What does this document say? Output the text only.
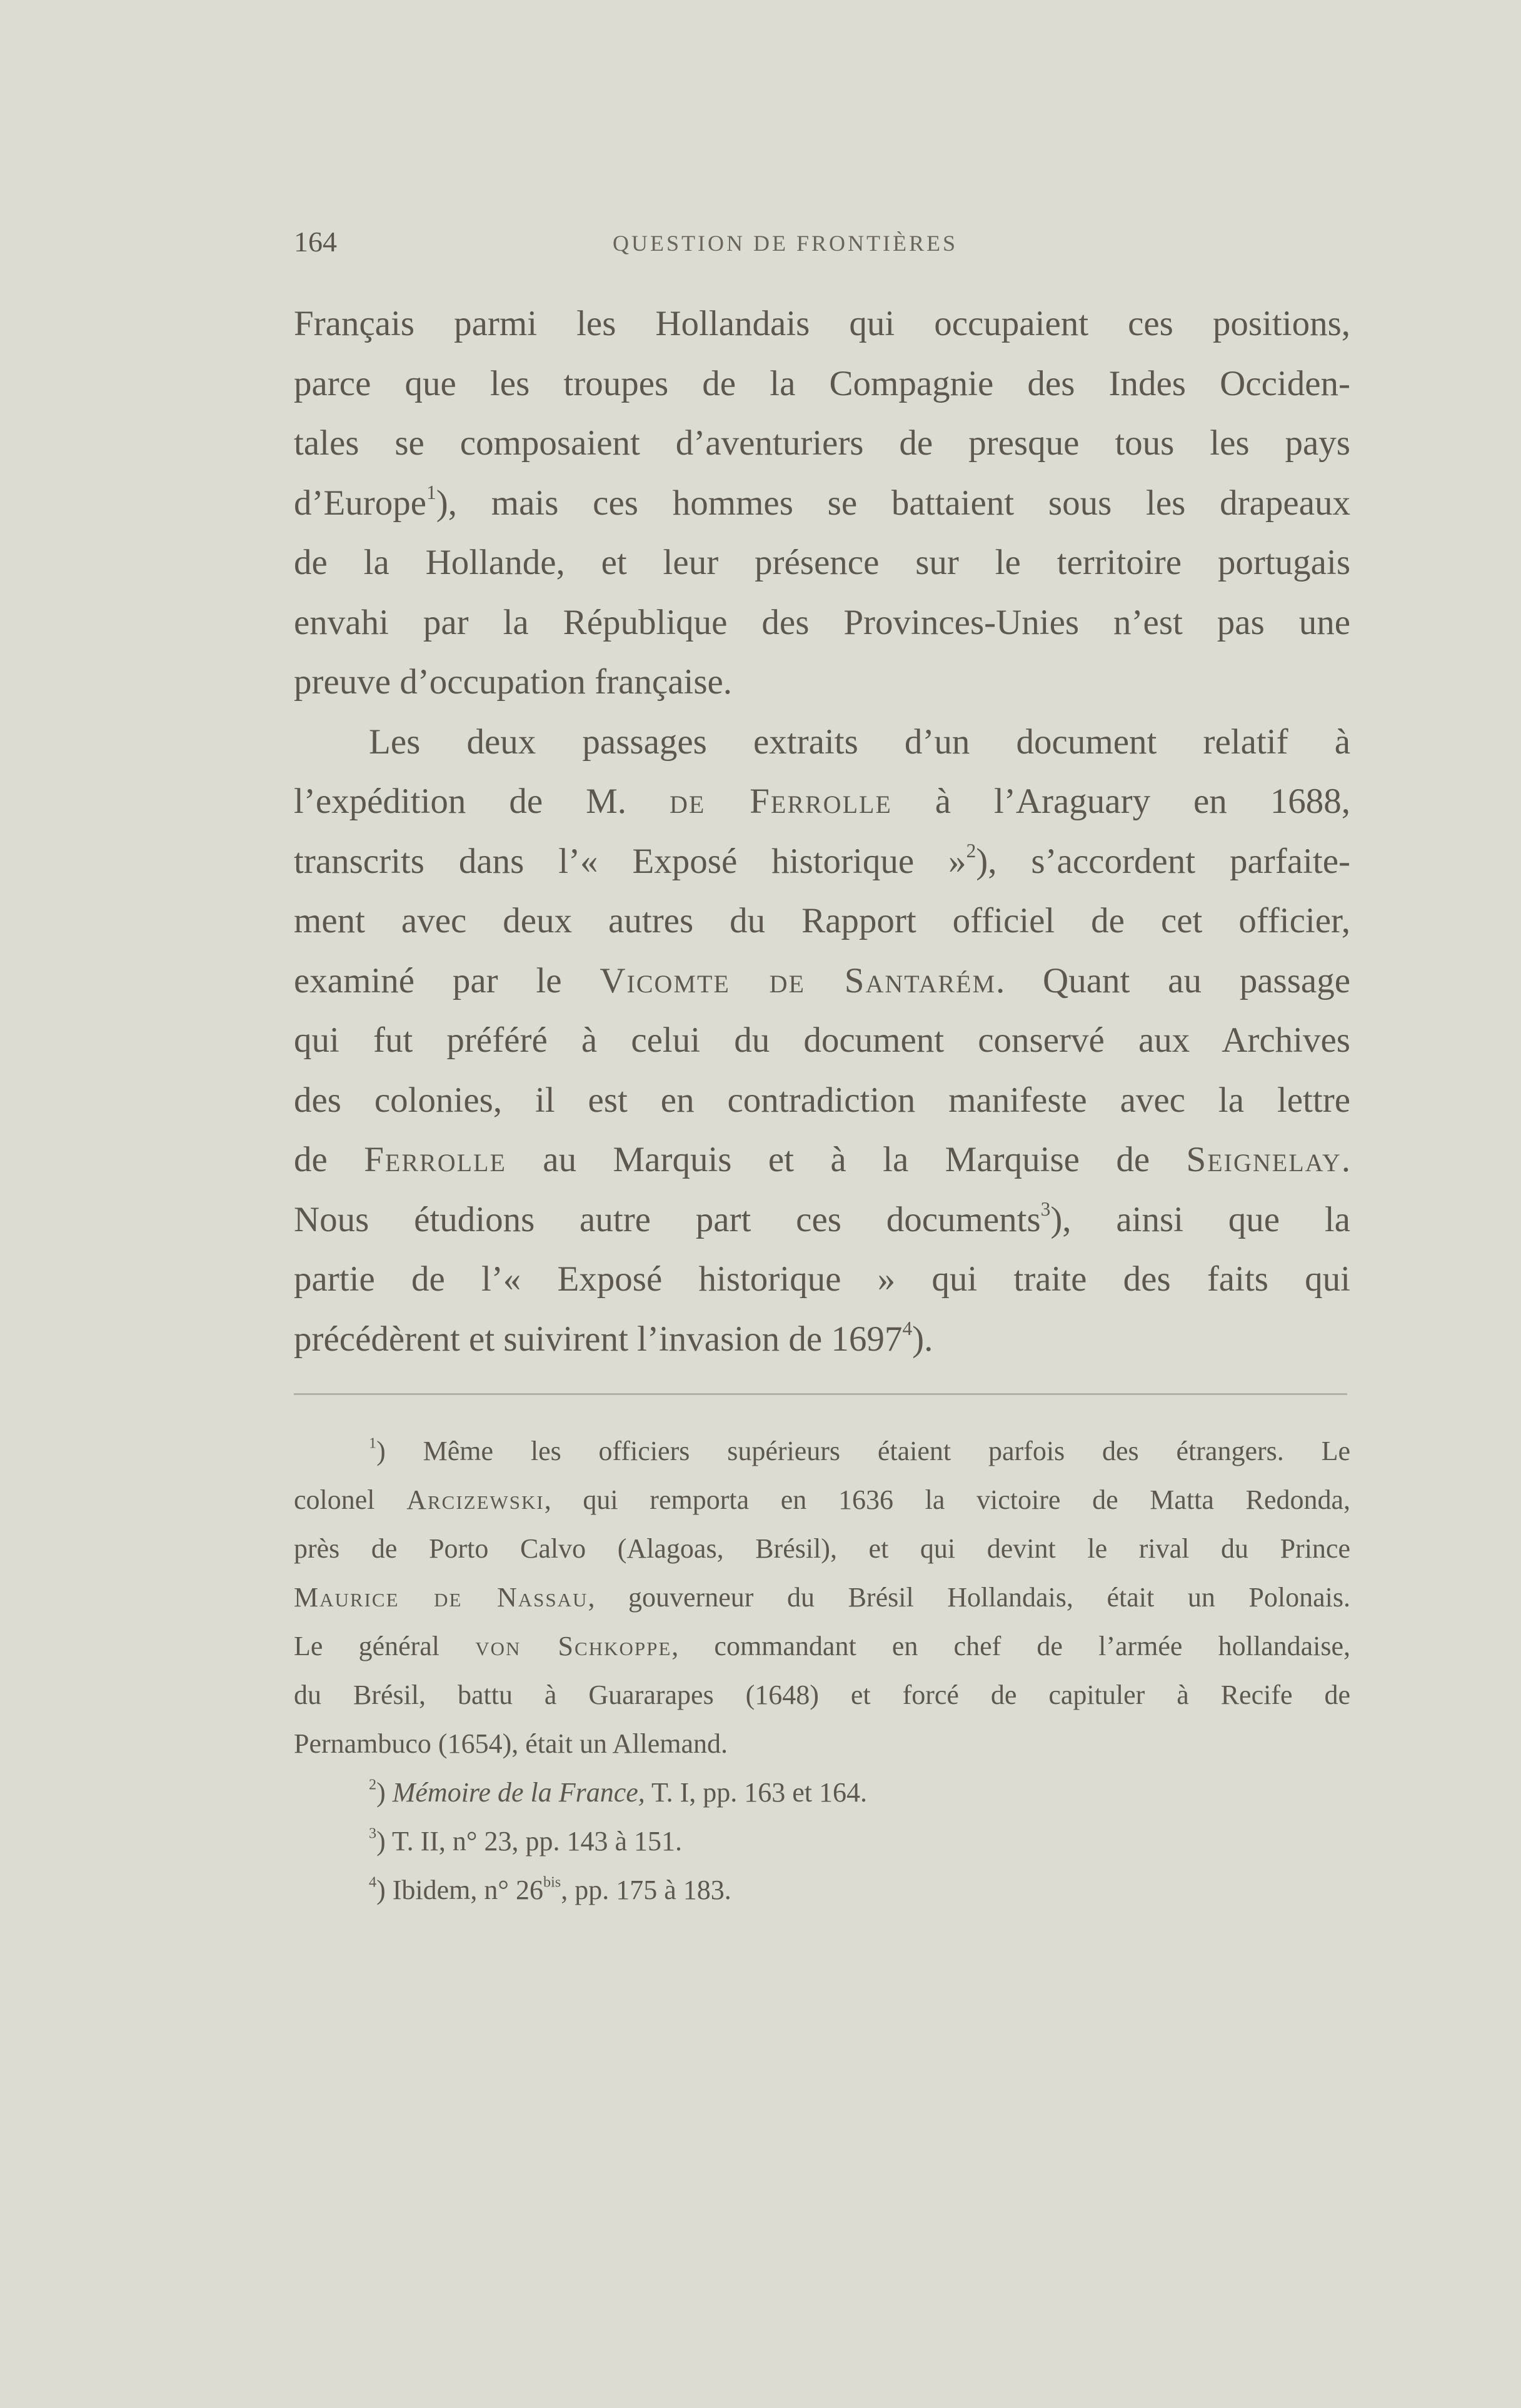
164	QUESTION DE FRONTIÈRES

Français parmi les Hollandais qui occupaient ces positions,

parce que les troupes de la Compagnie des Indes Occiden-

tales se composaient d’aventuriers de presque tous les pays

d’Europe$^1$), mais ces hommes se battaient sous les drapeaux

de la Hollande, et leur présence sur le territoire portugais

envahi par la République des Provinces-Unies n’est pas une

preuve d’occupation française.

Les deux passages extraits d’un document relatif à

l’expédition de M. de Ferrolle à l’Araguary en 1688,

transcrits dans l’« Exposé historique »$^2$), s’accordent parfaite-

ment avec deux autres du Rapport officiel de cet officier,

examiné par le Vicomte de Santarém. Quant au passage

qui fut préféré à celui du document conservé aux Archives

des colonies, il est en contradiction manifeste avec la lettre

de Ferrolle au Marquis et à la Marquise de Seignelay.

Nous étudions autre part ces documents$^3$), ainsi que la

partie de l’« Exposé historique » qui traite des faits qui

précédèrent et suivirent l’invasion de 1697$^4$).

$^1$) Même les officiers supérieurs étaient parfois des étrangers. Le

colonel Arcizewski, qui remporta en 1636 la victoire de Matta Redonda,

près de Porto Calvo (Alagoas, Brésil), et qui devint le rival du Prince

Maurice de Nassau, gouverneur du Brésil Hollandais, était un Polonais.

Le général von Schkoppe, commandant en chef de l’armée hollandaise,

du Brésil, battu à Guararapes (1648) et forcé de capituler à Recife de

Pernambuco (1654), était un Allemand.

$^2$) Mémoire de la France, T. I, pp. 163 et 164.

$^3$) T. II, n° 23, pp. 143 à 151.

$^4$) Ibidem, n° $26^{bis}$, pp. 175 à 183.
